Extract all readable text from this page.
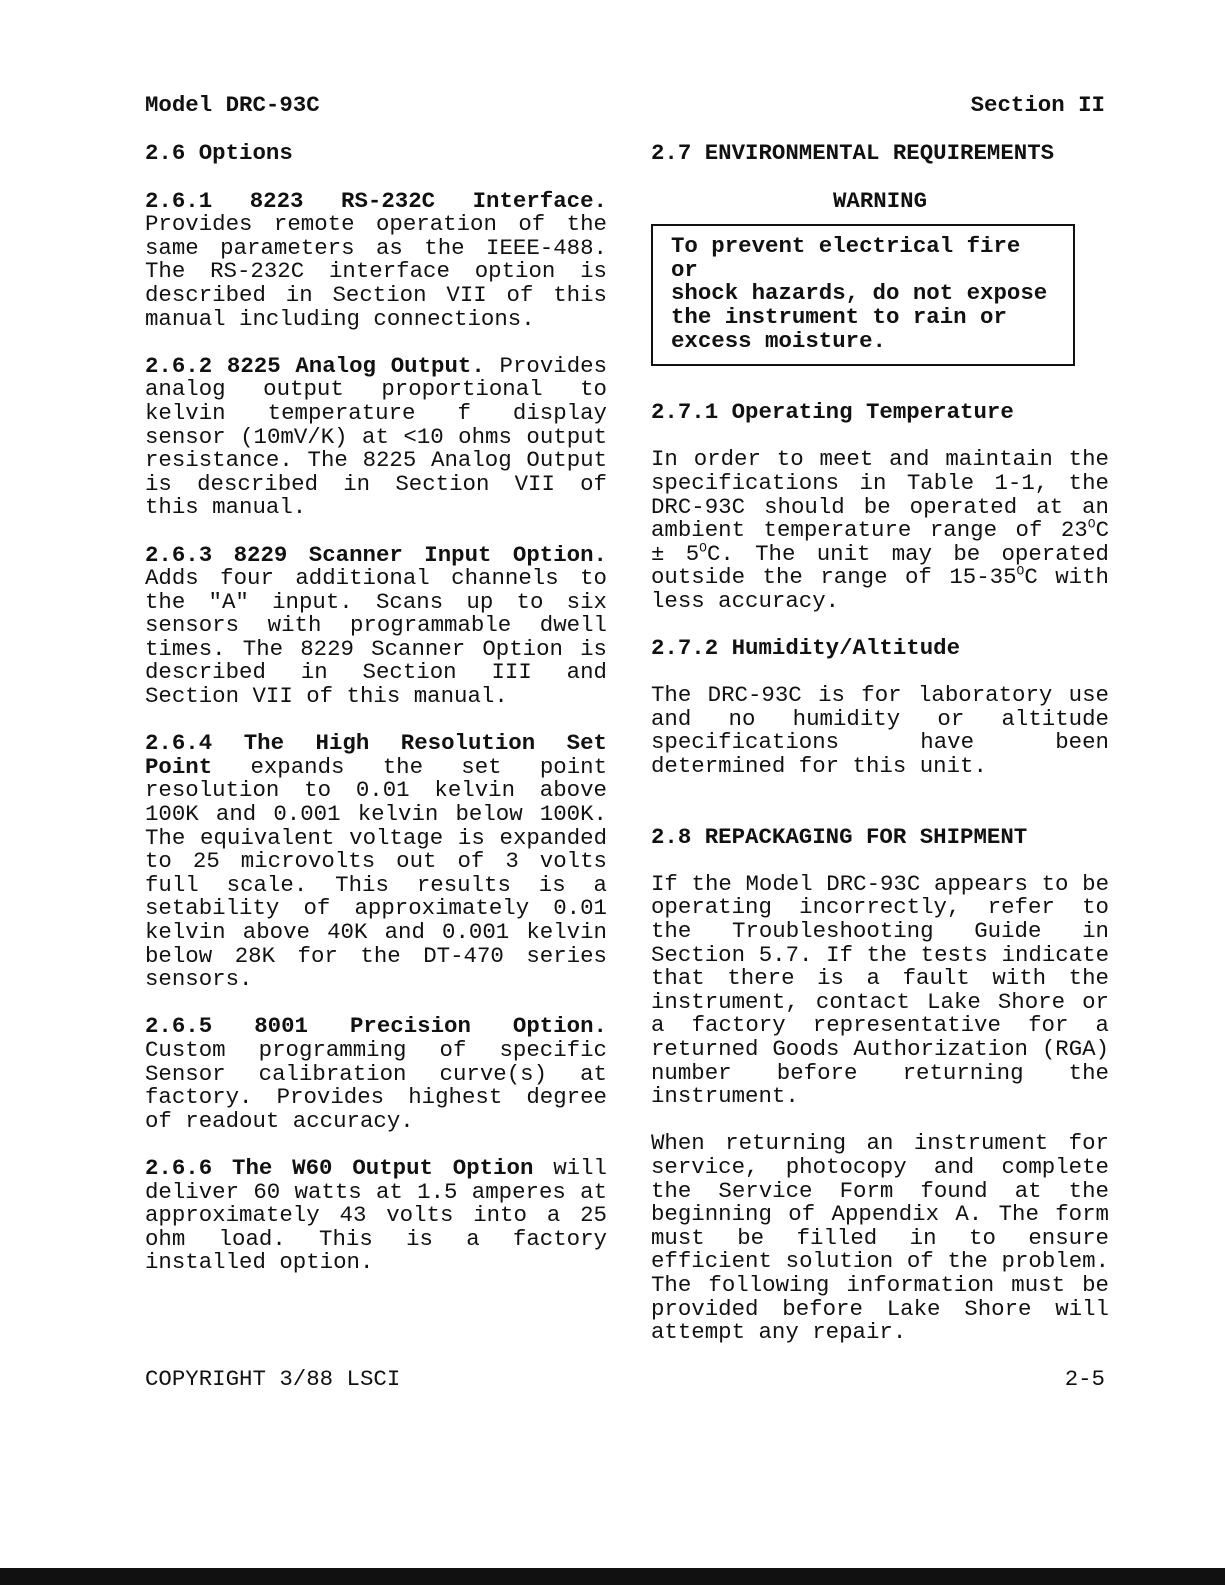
Model DRC-93C	Section II

2.6 Options

2.6.1 8223 RS-232C Interface. Provides remote operation of the same parameters as the IEEE-488. The RS-232C interface option is described in Section VII of this manual including connections.

2.6.2 8225 Analog Output. Provides analog output proportional to kelvin temperature f display sensor (10mV/K) at <10 ohms output resistance. The 8225 Analog Output is described in Section VII of this manual.

2.6.3 8229 Scanner Input Option. Adds four additional channels to the "A" input. Scans up to six sensors with programmable dwell times. The 8229 Scanner Option is described in Section III and Section VII of this manual.

2.6.4 The High Resolution Set Point expands the set point resolution to 0.01 kelvin above 100K and 0.001 kelvin below 100K. The equivalent voltage is expanded to 25 microvolts out of 3 volts full scale. This results is a setability of approximately 0.01 kelvin above 40K and 0.001 kelvin below 28K for the DT-470 series sensors.

2.6.5 8001 Precision Option. Custom programming of specific Sensor calibration curve(s) at factory. Provides highest degree of readout accuracy.

2.6.6 The W60 Output Option will deliver 60 watts at 1.5 amperes at approximately 43 volts into a 25 ohm load. This is a factory installed option.

2.7 ENVIRONMENTAL REQUIREMENTS

WARNING
To prevent electrical fire or
shock hazards, do not expose
the instrument to rain or
excess moisture.

2.7.1 Operating Temperature

In order to meet and maintain the specifications in Table 1-1, the DRC-93C should be operated at an ambient temperature range of $23^OC \pm 5^OC$. The unit may be operated outside the range of $15-35^OC$ with less accuracy.

2.7.2 Humidity/Altitude

The DRC-93C is for laboratory use and no humidity or altitude specifications have been determined for this unit.

2.8 REPACKAGING FOR SHIPMENT

If the Model DRC-93C appears to be operating incorrectly, refer to the Troubleshooting Guide in Section 5.7. If the tests indicate that there is a fault with the instrument, contact Lake Shore or a factory representative for a returned Goods Authorization (RGA) number before returning the instrument.

When returning an instrument for service, photocopy and complete the Service Form found at the beginning of Appendix A. The form must be filled in to ensure efficient solution of the problem. The following information must be provided before Lake Shore will attempt any repair.

COPYRIGHT 3/88 LSCI	2-5
